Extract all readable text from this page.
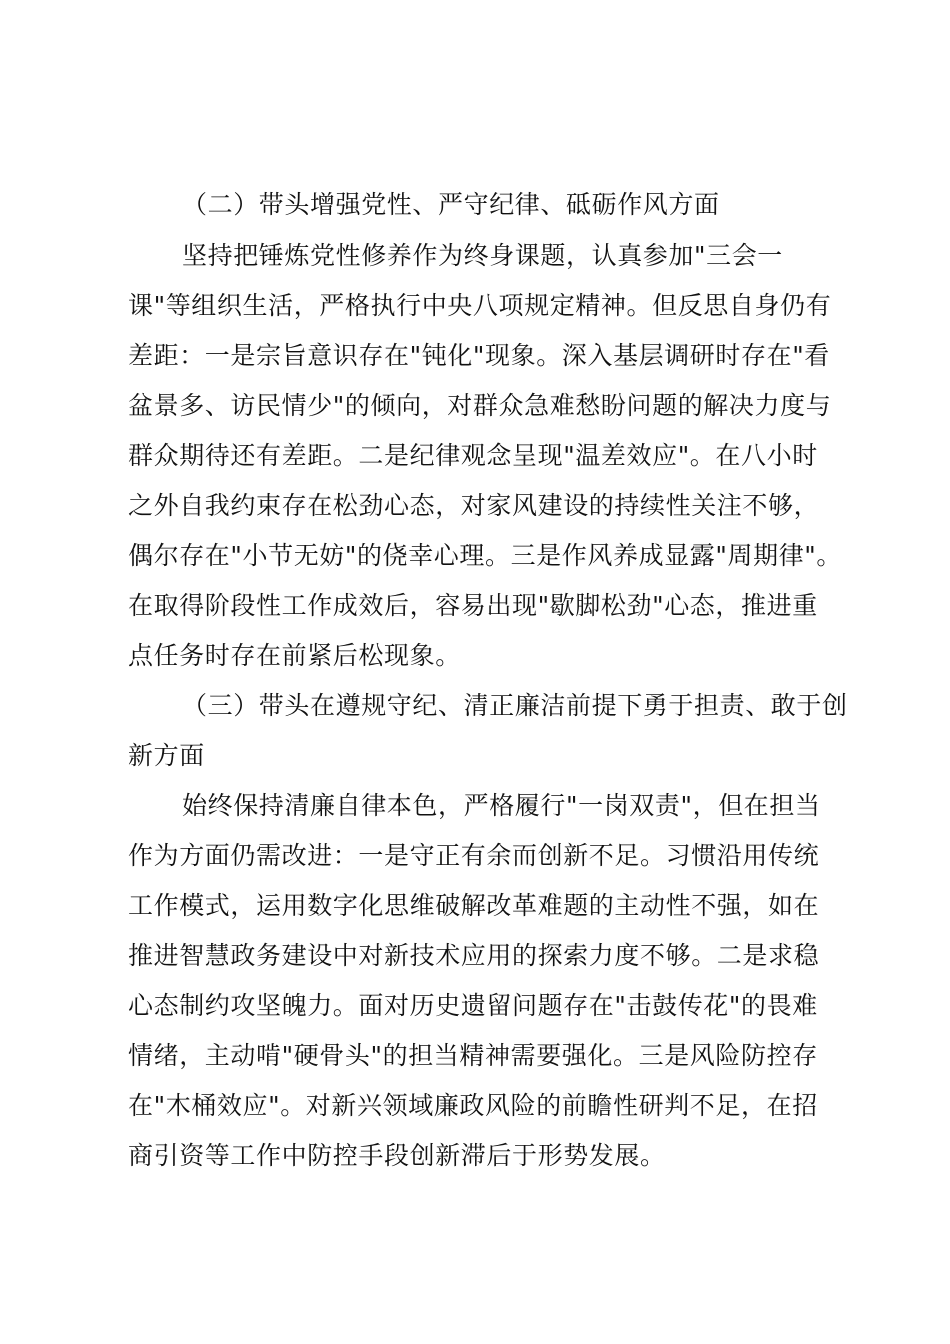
（二）带头增强党性、严守纪律、砥砺作风方面
坚持把锤炼党性修养作为终身课题，认真参加"三会一
课"等组织生活，严格执行中央八项规定精神。但反思自身仍有
差距：一是宗旨意识存在"钝化"现象。深入基层调研时存在"看
盆景多、访民情少"的倾向，对群众急难愁盼问题的解决力度与
群众期待还有差距。二是纪律观念呈现"温差效应"。在八小时
之外自我约束存在松劲心态，对家风建设的持续性关注不够，
偶尔存在"小节无妨"的侥幸心理。三是作风养成显露"周期律"。
在取得阶段性工作成效后，容易出现"歇脚松劲"心态，推进重
点任务时存在前紧后松现象。
（三）带头在遵规守纪、清正廉洁前提下勇于担责、敢于创
新方面
始终保持清廉自律本色，严格履行"一岗双责"，但在担当
作为方面仍需改进：一是守正有余而创新不足。习惯沿用传统
工作模式，运用数字化思维破解改革难题的主动性不强，如在
推进智慧政务建设中对新技术应用的探索力度不够。二是求稳
心态制约攻坚魄力。面对历史遗留问题存在"击鼓传花"的畏难
情绪，主动啃"硬骨头"的担当精神需要强化。三是风险防控存
在"木桶效应"。对新兴领域廉政风险的前瞻性研判不足，在招
商引资等工作中防控手段创新滞后于形势发展。
